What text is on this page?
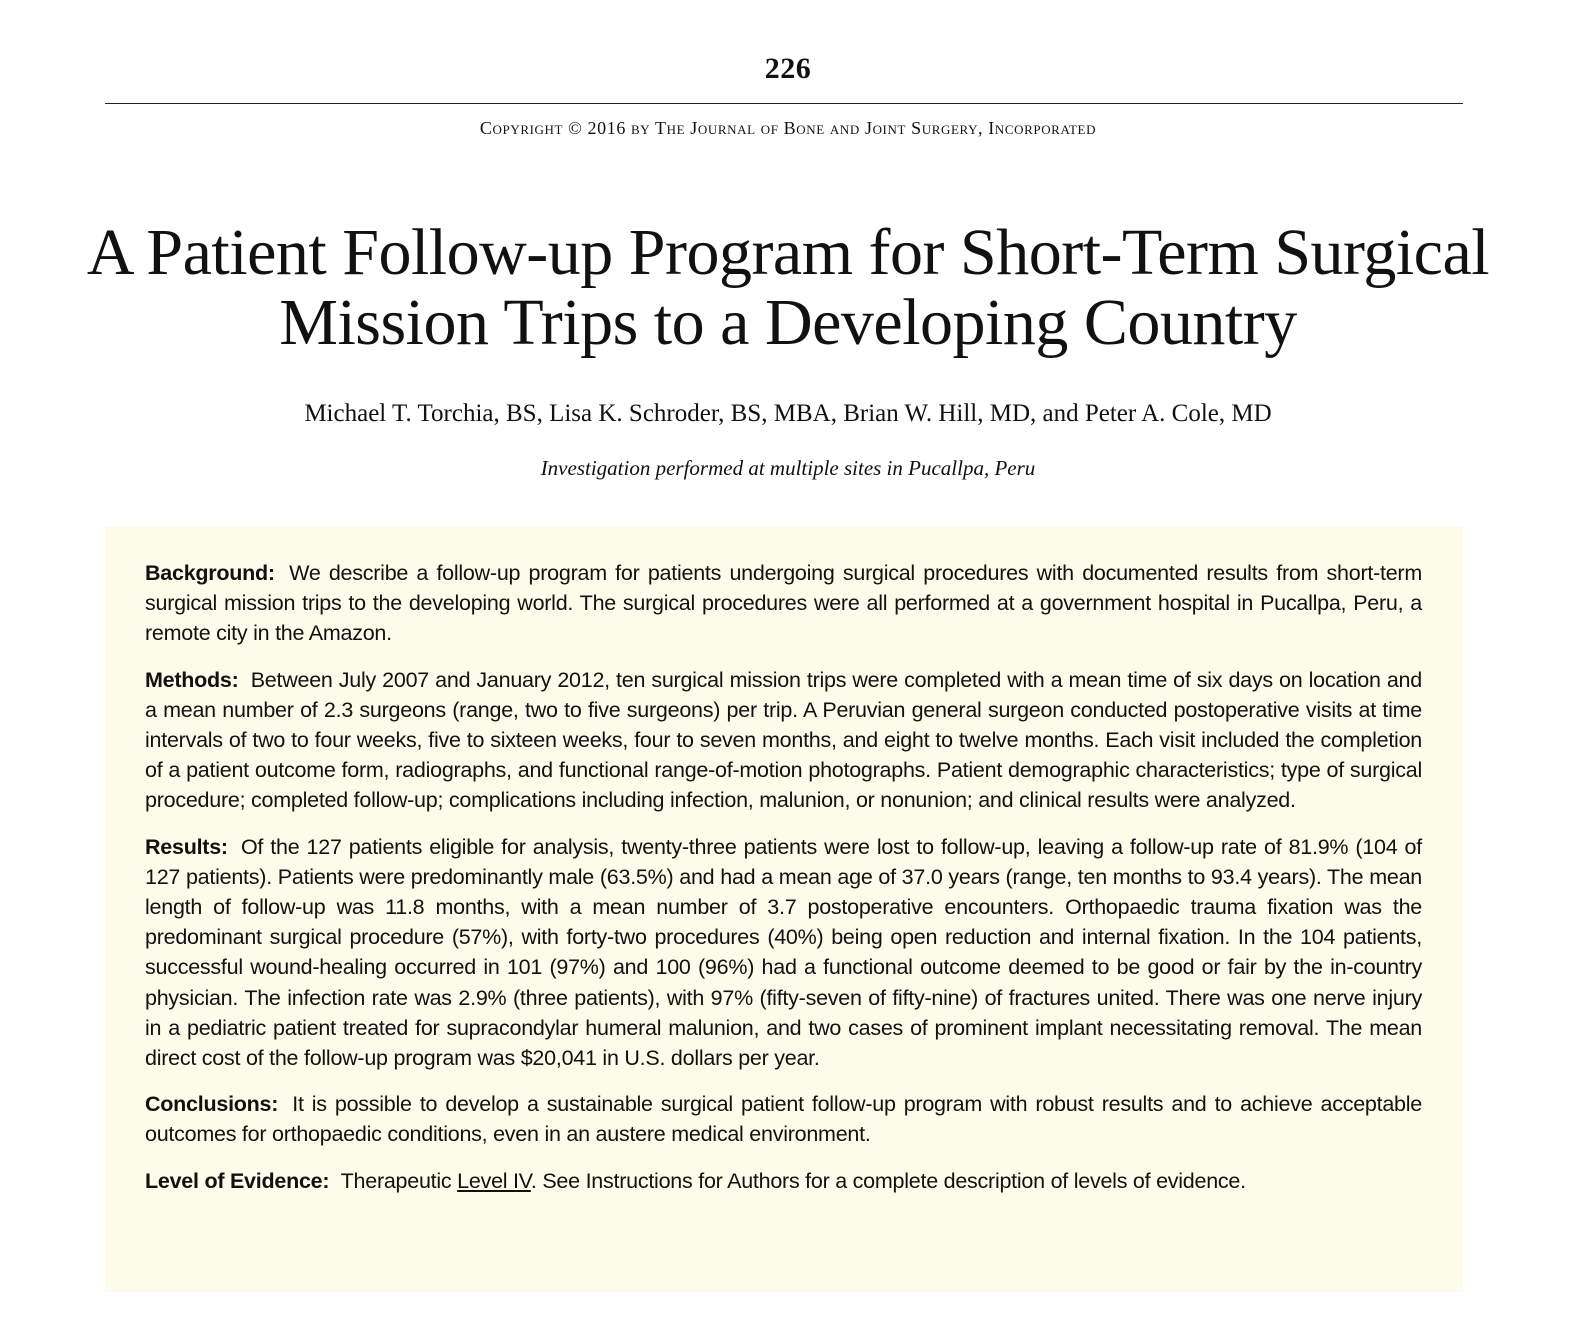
226
Copyright © 2016 by The Journal of Bone and Joint Surgery, Incorporated
A Patient Follow-up Program for Short-Term Surgical
Mission Trips to a Developing Country
Michael T. Torchia, BS, Lisa K. Schroder, BS, MBA, Brian W. Hill, MD, and Peter A. Cole, MD
Investigation performed at multiple sites in Pucallpa, Peru

Background: We describe a follow-up program for patients undergoing surgical procedures with documented results from short-term surgical mission trips to the developing world. The surgical procedures were all performed at a government hospital in Pucallpa, Peru, a remote city in the Amazon.

Methods: Between July 2007 and January 2012, ten surgical mission trips were completed with a mean time of six days on location and a mean number of 2.3 surgeons (range, two to five surgeons) per trip. A Peruvian general surgeon conducted postoperative visits at time intervals of two to four weeks, five to sixteen weeks, four to seven months, and eight to twelve months. Each visit included the completion of a patient outcome form, radiographs, and functional range-of-motion photographs. Patient demographic characteristics; type of surgical procedure; completed follow-up; complications including infection, malunion, or nonunion; and clinical results were analyzed.

Results: Of the 127 patients eligible for analysis, twenty-three patients were lost to follow-up, leaving a follow-up rate of 81.9% (104 of 127 patients). Patients were predominantly male (63.5%) and had a mean age of 37.0 years (range, ten months to 93.4 years). The mean length of follow-up was 11.8 months, with a mean number of 3.7 postoperative encounters. Orthopaedic trauma fixation was the predominant surgical procedure (57%), with forty-two procedures (40%) being open reduction and internal fixation. In the 104 patients, successful wound-healing occurred in 101 (97%) and 100 (96%) had a functional outcome deemed to be good or fair by the in-country physician. The infection rate was 2.9% (three patients), with 97% (fifty-seven of fifty-nine) of fractures united. There was one nerve injury in a pediatric patient treated for supracondylar humeral malunion, and two cases of prominent implant necessitating removal. The mean direct cost of the follow-up program was $20,041 in U.S. dollars per year.

Conclusions: It is possible to develop a sustainable surgical patient follow-up program with robust results and to achieve acceptable outcomes for orthopaedic conditions, even in an austere medical environment.

Level of Evidence: Therapeutic Level IV. See Instructions for Authors for a complete description of levels of evidence.
